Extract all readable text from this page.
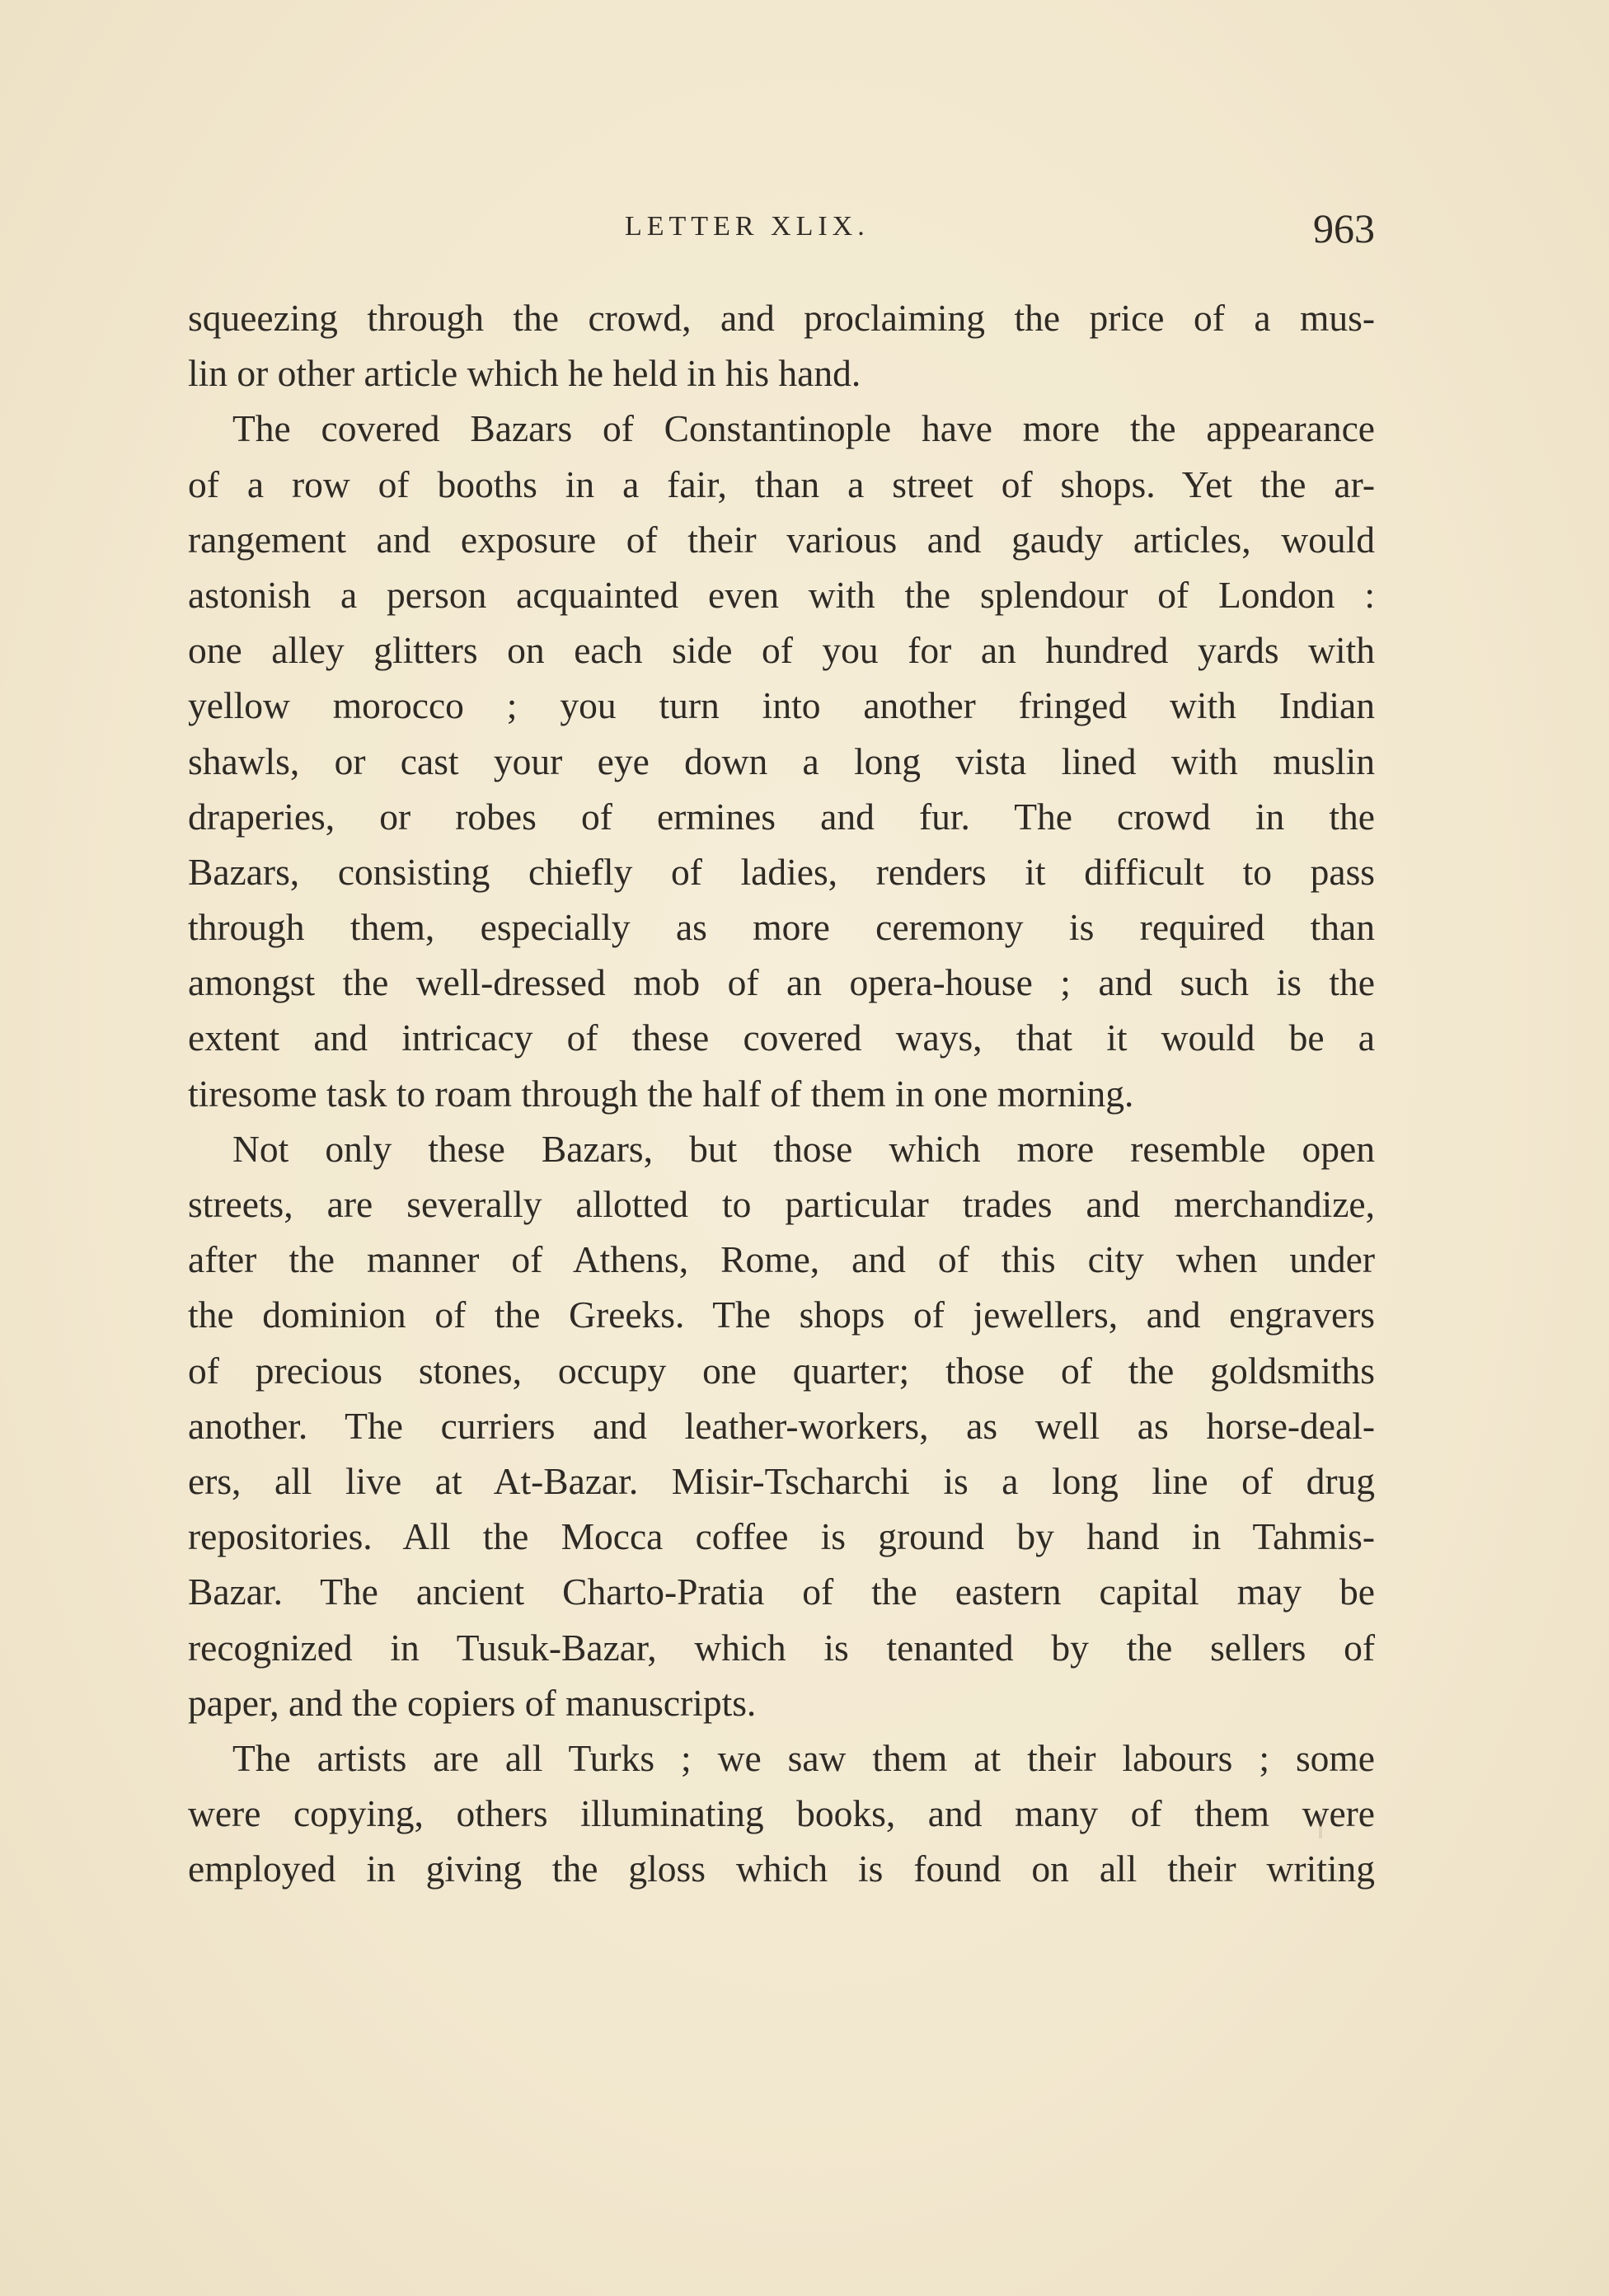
LETTER XLIX.	963
squeezing through the crowd, and proclaiming the price of a mus-
lin or other article which he held in his hand.
The covered Bazars of Constantinople have more the appearance
of a row of booths in a fair, than a street of shops. Yet the ar-
rangement and exposure of their various and gaudy articles, would
astonish a person acquainted even with the splendour of London :
one alley glitters on each side of you for an hundred yards with
yellow morocco ; you turn into another fringed with Indian
shawls, or cast your eye down a long vista lined with muslin
draperies, or robes of ermines and fur. The crowd in the
Bazars, consisting chiefly of ladies, renders it difficult to pass
through them, especially as more ceremony is required than
amongst the well-dressed mob of an opera-house ; and such is the
extent and intricacy of these covered ways, that it would be a
tiresome task to roam through the half of them in one morning.
Not only these Bazars, but those which more resemble open
streets, are severally allotted to particular trades and merchandize,
after the manner of Athens, Rome, and of this city when under
the dominion of the Greeks. The shops of jewellers, and engravers
of precious stones, occupy one quarter; those of the goldsmiths
another. The curriers and leather-workers, as well as horse-deal-
ers, all live at At-Bazar. Misir-Tscharchi is a long line of drug
repositories. All the Mocca coffee is ground by hand in Tahmis-
Bazar. The ancient Charto-Pratia of the eastern capital may be
recognized in Tusuk-Bazar, which is tenanted by the sellers of
paper, and the copiers of manuscripts.
The artists are all Turks ; we saw them at their labours ; some
were copying, others illuminating books, and many of them were
employed in giving the gloss which is found on all their writing
